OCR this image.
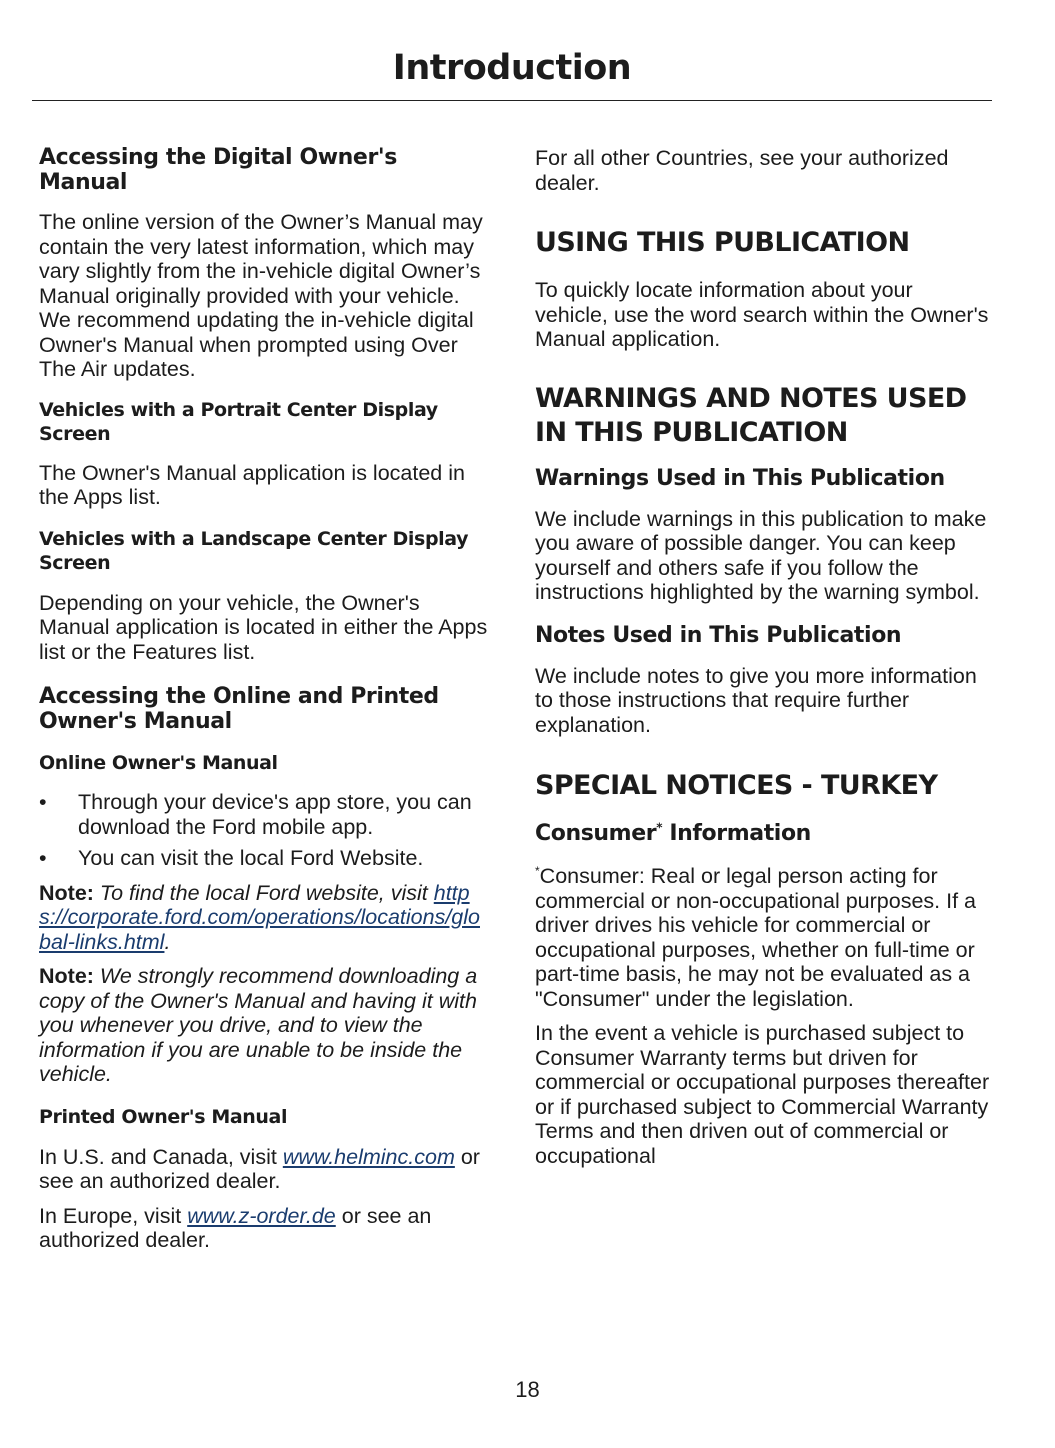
Introduction
Accessing the Digital Owner's Manual

The online version of the Owner’s Manual may contain the very latest information, which may vary slightly from the in-vehicle digital Owner’s Manual originally provided with your vehicle. We recommend updating the in-vehicle digital Owner's Manual when prompted using Over The Air updates.

Vehicles with a Portrait Center Display Screen

The Owner's Manual application is located in the Apps list.

Vehicles with a Landscape Center Display Screen

Depending on your vehicle, the Owner's Manual application is located in either the Apps list or the Features list.

Accessing the Online and Printed Owner's Manual
Online Owner's Manual
• Through your device's app store, you can download the Ford mobile app.
• You can visit the local Ford Website.

Note: To find the local Ford website, visit https://corporate.ford.com/operations/locations/global-links.html.

Note: We strongly recommend downloading a copy of the Owner's Manual and having it with you whenever you drive, and to view the information if you are unable to be inside the vehicle.

Printed Owner's Manual

In U.S. and Canada, visit www.helminc.com or see an authorized dealer.

In Europe, visit www.z-order.de or see an authorized dealer.

For all other Countries, see your authorized dealer.

USING THIS PUBLICATION

To quickly locate information about your vehicle, use the word search within the Owner's Manual application.

WARNINGS AND NOTES USED IN THIS PUBLICATION
Warnings Used in This Publication

We include warnings in this publication to make you aware of possible danger. You can keep yourself and others safe if you follow the instructions highlighted by the warning symbol.

Notes Used in This Publication

We include notes to give you more information to those instructions that require further explanation.

SPECIAL NOTICES - TURKEY
Consumer* Information

*Consumer: Real or legal person acting for commercial or non-occupational purposes. If a driver drives his vehicle for commercial or occupational purposes, whether on full-time or part-time basis, he may not be evaluated as a "Consumer" under the legislation.

In the event a vehicle is purchased subject to Consumer Warranty terms but driven for commercial or occupational purposes thereafter or if purchased subject to Commercial Warranty Terms and then driven out of commercial or occupational

18
